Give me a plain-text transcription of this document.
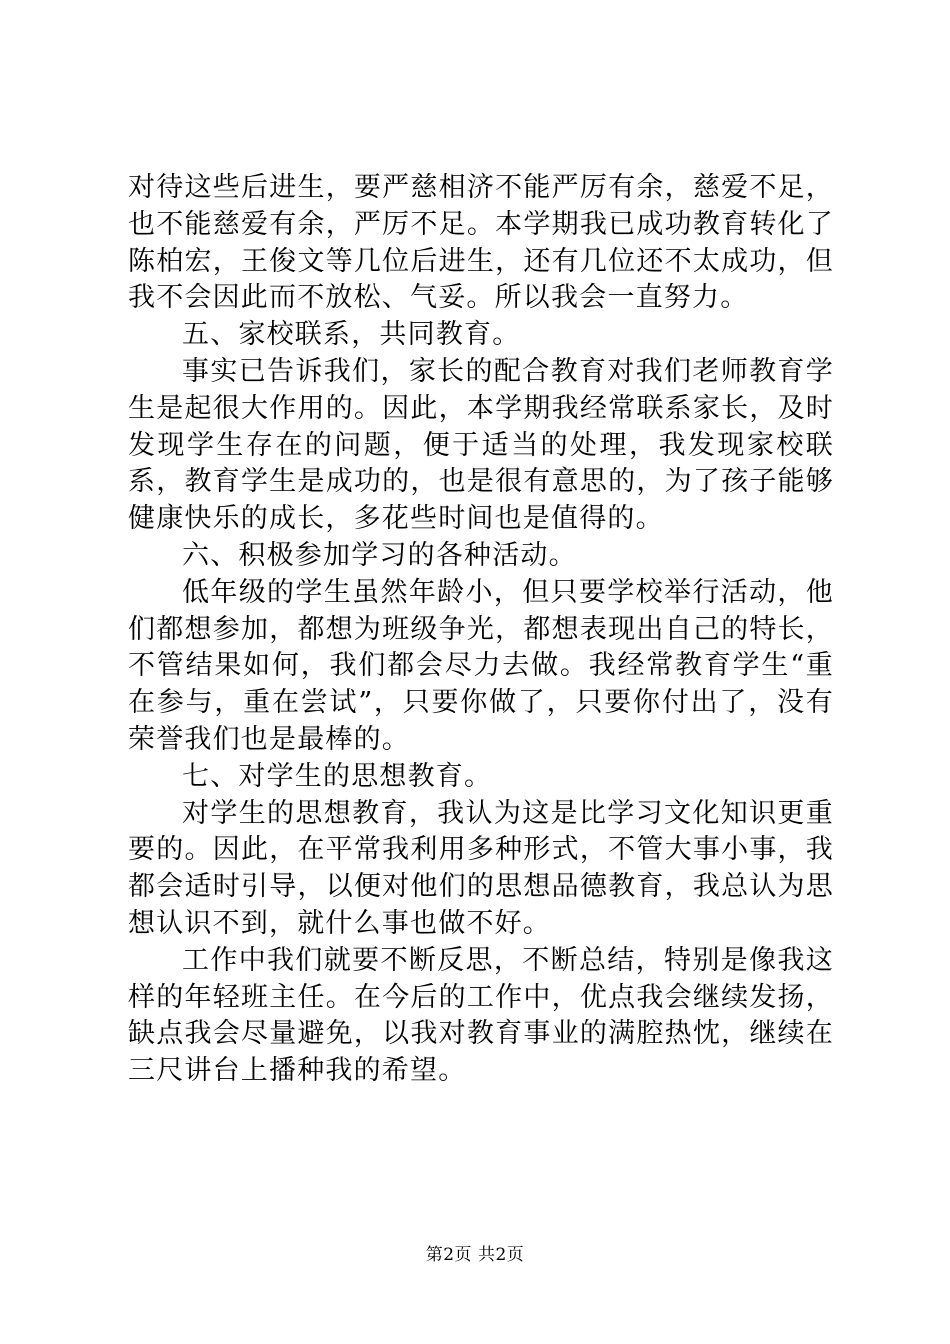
对待这些后进生，要严慈相济不能严厉有余，慈爱不足，也不能慈爱有余，严厉不足。本学期我已成功教育转化了陈柏宏，王俊文等几位后进生，还有几位还不太成功，但我不会因此而不放松、气妥。所以我会一直努力。

五、家校联系，共同教育。

事实已告诉我们，家长的配合教育对我们老师教育学生是起很大作用的。因此，本学期我经常联系家长，及时发现学生存在的问题，便于适当的处理，我发现家校联系，教育学生是成功的，也是很有意思的，为了孩子能够健康快乐的成长，多花些时间也是值得的。

六、积极参加学习的各种活动。

低年级的学生虽然年龄小，但只要学校举行活动，他们都想参加，都想为班级争光，都想表现出自己的特长，不管结果如何，我们都会尽力去做。我经常教育学生“重在参与，重在尝试”，只要你做了，只要你付出了，没有荣誉我们也是最棒的。

七、对学生的思想教育。

对学生的思想教育，我认为这是比学习文化知识更重要的。因此，在平常我利用多种形式，不管大事小事，我都会适时引导，以便对他们的思想品德教育，我总认为思想认识不到，就什么事也做不好。

工作中我们就要不断反思，不断总结，特别是像我这样的年轻班主任。在今后的工作中，优点我会继续发扬，缺点我会尽量避免，以我对教育事业的满腔热忱，继续在三尺讲台上播种我的希望。

第2页 共2页
